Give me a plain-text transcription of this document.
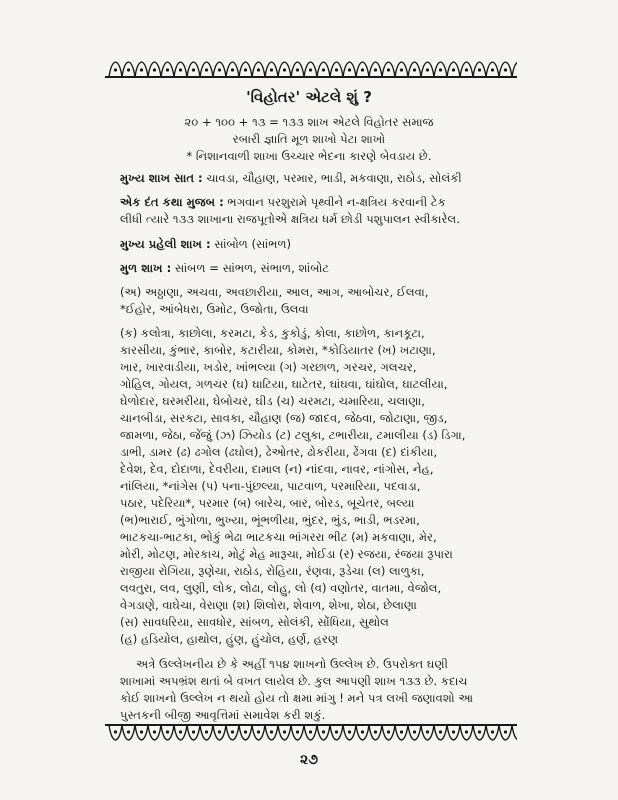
'વિહોતર' એટલે શું ?
૨૦ + ૧૦૦ + ૧૩ = ૧૩૩ શાખ એટલે વિહોતર સમાજ
રબારી જ્ઞાતિ મૂળ શાખો પેટા શાખો
* નિશાનવાળી શાખા ઉચ્ચાર ભેદના કારણે બેવડાય છે.
મુખ્ય શાખ સાત : ચાવડા, ચૌહાણ, પરમાર, ભાડી, મકવાણા, રાઠોડ, સોલંકી
એક દંત કથા મુજબ : ભગવાન પરશુરામે પૃથ્વીને ન-ક્ષત્રિય કરવાની ટેક
લીધી ત્યારે ૧૩૩ શાખાના રાજપૂતોએ ક્ષત્રિય ધર્મ છોડી પશુપાલન સ્વીકારેલ.
મુખ્ય પ્રહેલી શાખ : સાંબોળ (સાંભળ)
મુળ શાખ : સાંબળ = સાંભળ, સંભાળ, શાંબોટ
(અ) અઠ્ઠાણા, અચવા, અવછારીયા, આલ, આગ, આબોચર, ઈલવા,
*ઈહોર, આંબેધરા, ઉમોટ, ઉજોતા, ઉલવા
(ક) કલોત્રા, કાછોલા, કરમટા, કેડ, કુકોડું, કોલા, કાછોળ, કાનકૂટા,
કારસીયા, કુંભાર, કાબોર, કટારીયા, કોમરા, *કોડિયાતર (ખ) ખટાણા,
ખાર, ખારવાડીયા, ખડોર, ખાંભલ્યા (ગ) ગરછાળ, ગરચર, ગલચર,
ગોહિલ, ગોયલ, ગળચર (ઘ) ઘાટિયા, ઘાટેતર, ઘાંઘવા, ઘાંઘોલ, ઘાટલીયા,
ઘેળોદાર, ઘરમરીયા, ઘેબોચર, ઘીડ (ચ) ચરમટા, ચમારિયા, ચલાણા,
ચાનબીડા, સરકટા, સાવકા, ચૌહાણ (જ) જાદવ, જેઠવા, જોટાણા, જીડ,
જામળા, જેઠા, જેંજું (ઝ) ઝિયોડ (ટ) ટલુકા, ટભારીયા, ટમાલીયા (ડ) ડિગા,
ડાભી, ડામર (ઢ) ઢગોલ (ઢઘોલ), ઢેઓતર, ઢોકરીયા, ઢેંગવા (દ) દાંકીયા,
દેવેશ, દેવ, દોદાળા, દેવરીયા, દામાલ (ન) નાંદવા, નાવર, નાંગોસ, નેહ,
નાંલિયા, *નાંગેસ (પ) પના-પુંછલ્યા, પાટવાળ, પરમારિયા, પદવાડા,
પઠાર, પદેરિયા*, પરમાર (બ) બારેચ, બાર, બોરડ, બૂચેતર, બલ્યા
(ભ)ભારાઈ, ભુંગોળા, ભુખ્યા, ભૂંભળીયા, ભુંદર, ભુંડ, ભાડી, ભડરમા,
ભાટકચા-ભાટકા, ભોકું ભેઢા ભાટકચા ભાંગરરા ભીટ (મ) મકવાણા, મેર,
મોરી, મોટણ, મોરકાચ, મોટું મેહ મારૂચા, મોઈડા (ર) રજયા, રંજયા રૂપારા
રાજીયા રોગિયા, રૂણેચા, રાઠોડ, રોહિયા, રંણવા, રૂડેચા (લ) લાળુકા,
લવતુરા, લવ, લુણી, લોક, લોઢા, લોહુ, લો (વ) વણોતર, વાતમા, વેજોલ,
વેગડાણે, વાઘેચા, વેરાણા (શ) શિલોરા, શેવાળ, શેખા, શેઠા, છેલાણા
(સ) સાવધરિયા, સાવધોર, સાંબળ, સોલંકી, સોંધિયા, સુથોલ
(હ) હડિયોલ, હાથોલ, હુંણ, હુંચોલ, હર્ણ, હરણ
અત્રે ઉલ્લેખનીય છે કે અહીં ૧૫૪ શાખનો ઉલ્લેખ છે. ઉપરોક્ત ઘણી
શાખામાં અપભ્રંશ થતાં બે વખત લાયેલ છે. કુલ આપણી શાખ ૧૩૩ છે. કદાચ
કોઈ શાખનો ઉલ્લેખ ન થયો હોય તો ક્ષમા માંગુ ! મને પત્ર લખી જણાવશો આ
પુસ્તકની બીજી આવૃત્તિમાં સમાવેશ કરી શકું.
૨૭
